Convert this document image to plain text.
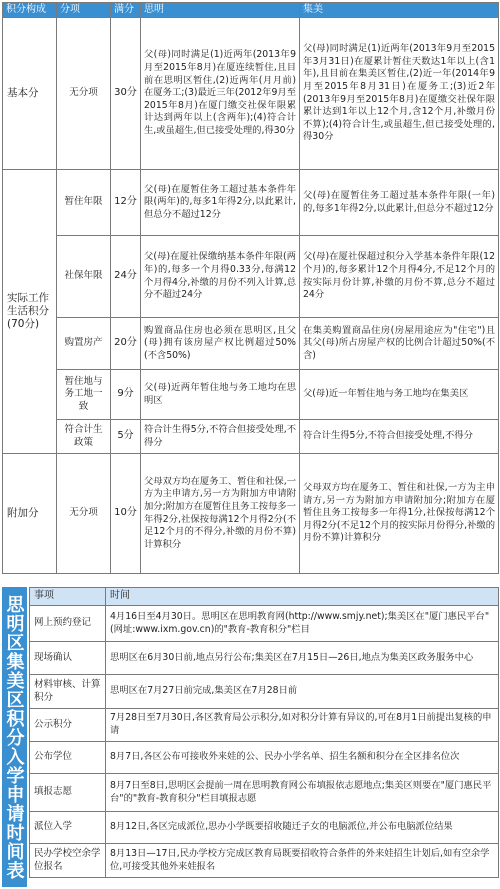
积分构成	分项	满分	思明	集美
基本分	无分项	30分	父(母)同时满足(1)近两年(2013年9月至2015年8月)在厦连续暂住,且目前在思明区暂住,(2)近两年(月月前)在厦务工;(3)最近三年(2012年9月至2015年8月)在厦门缴交社保年限累计达到两年以上(含两年);(4)符合计生,或虽超生,但已接受处理的,得30分	父(母)同时满足(1)近两年(2013年9月至2015年3月31日)在厦累计暂住天数达1年以上(含1年),且目前在集美区暂住,(2)近一年(2014年9月至2015年8月31日)在厦务工;(3)近2年(2013年9月至2015年8月)在厦缴交社保年限累计达到1年以上12个月,含12个月,补缴月份不算);(4)符合计生,或虽超生,但已接受处理的,得30分
实际工作生活积分(70分)	暂住年限	12分	父(母)在厦暂住务工超过基本条件年限(两年)的,每多1年得2分,以此累计,但总分不超过12分	父(母)在厦暂住务工超过基本条件年限(一年)的,每多1年得2分,以此累计,但总分不超过12分
	社保年限	24分	父(母)在厦社保缴纳基本条件年限(两年)的,每多一个月得0.33分,每满12个月得4分,补缴的月份不列入计算,总分不超过24分	父(母)在厦社保超过积分入学基本条件年限(12个月)的,每多累计12个月得4分,不足12个月的按实际月份计算,补缴的月份不算,总分不超过24分
	购置房产	20分	购置商品住房也必须在思明区,且父(母)拥有该房屋产权比例超过50%(不含50%)	在集美购置商品住房(房屋用途应为"住宅")且其父(母)所占房屋产权的比例合计超过50%(不含)
	暂住地与务工地一致	9分	父(母)近两年暂住地与务工地均在思明区	父(母)近一年暂住地与务工地均在集美区
	符合计生政策	5分	符合计生得5分,不符合但接受处理,不得分	符合计生得5分,不符合但接受处理,不得分
附加分	无分项	10分	父母双方均在厦务工、暂住和社保,一方为主申请方,另一方为附加方申请附加分;附加方在厦暂住且务工按每多一年得2分,社保按每满12个月得2分(不足12个月的不得分,补缴的月份不算)计算积分	父母双方均在厦务工、暂住和社保,一方为主申请方,另一方为附加方申请附加分;附加方在厦暂住且务工按每多一年得1分,社保按每满12个月得2分(不足12个月的按实际月份得分,补缴的月份不算)计算积分
思明区集美区积分入学申请时间表 事项	时间
网上预约登记	4月16日至4月30日。思明区在思明教育网(http://www.smjy.net);集美区在"厦门惠民平台"(网址:www.ixm.gov.cn)的"教育-教育积分"栏目
现场确认	思明区在6月30日前,地点另行公布;集美区在7月15日—26日,地点为集美区政务服务中心
材料审核、计算积分	思明区在7月27日前完成,集美区在7月28日前
公示积分	7月28日至7月30日,各区教育局公示积分,如对积分计算有异议的,可在8月1日前提出复核的申请
公布学位	8月7日,各区公布可接收外来娃的公、民办小学名单、招生名额和积分在全区排名位次
填报志愿	8月7日至8日,思明区会提前一周在思明教育网公布填报依志愿地点;集美区则要在"厦门惠民平台"的"教育-教育积分"栏目填报志愿
派位入学	8月12日,各区完成派位,思办小学既要招收随迁子女的电脑派位,并公布电脑派位结果
民办学校空余学位报名	8月13日—17日,民办学校方完成区教育局既要招收符合条件的外来娃招生计划后,如有空余学位,可接受其他外来娃报名
